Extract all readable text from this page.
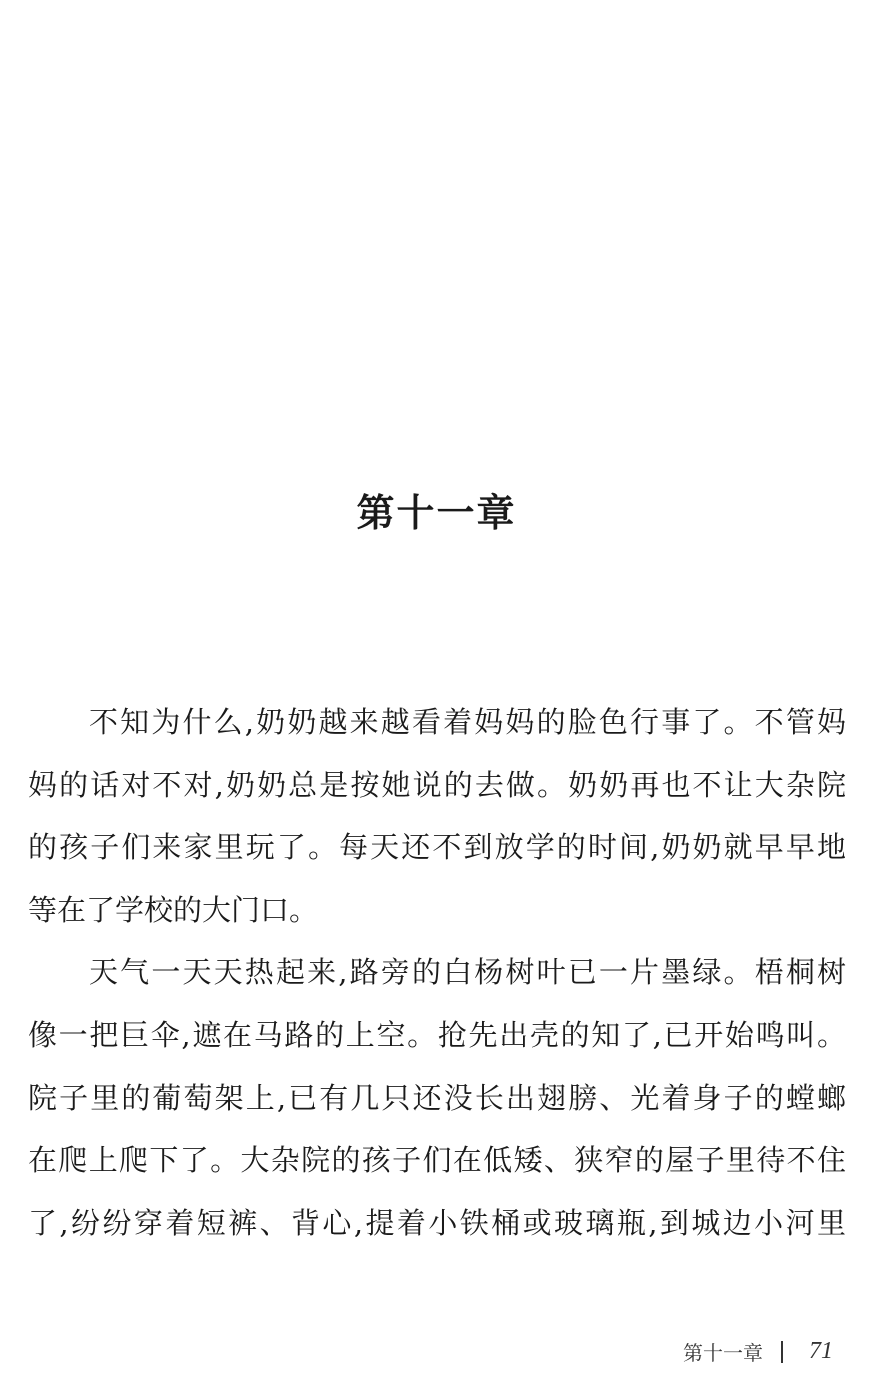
第十一章
不知为什么,奶奶越来越看着妈妈的脸色行事了。不管妈
妈的话对不对,奶奶总是按她说的去做。奶奶再也不让大杂院
的孩子们来家里玩了。每天还不到放学的时间,奶奶就早早地
等在了学校的大门口。
天气一天天热起来,路旁的白杨树叶已一片墨绿。梧桐树
像一把巨伞,遮在马路的上空。抢先出壳的知了,已开始鸣叫。
院子里的葡萄架上,已有几只还没长出翅膀、光着身子的螳螂
在爬上爬下了。大杂院的孩子们在低矮、狭窄的屋子里待不住
了,纷纷穿着短裤、背心,提着小铁桶或玻璃瓶,到城边小河里
第十一章 71
